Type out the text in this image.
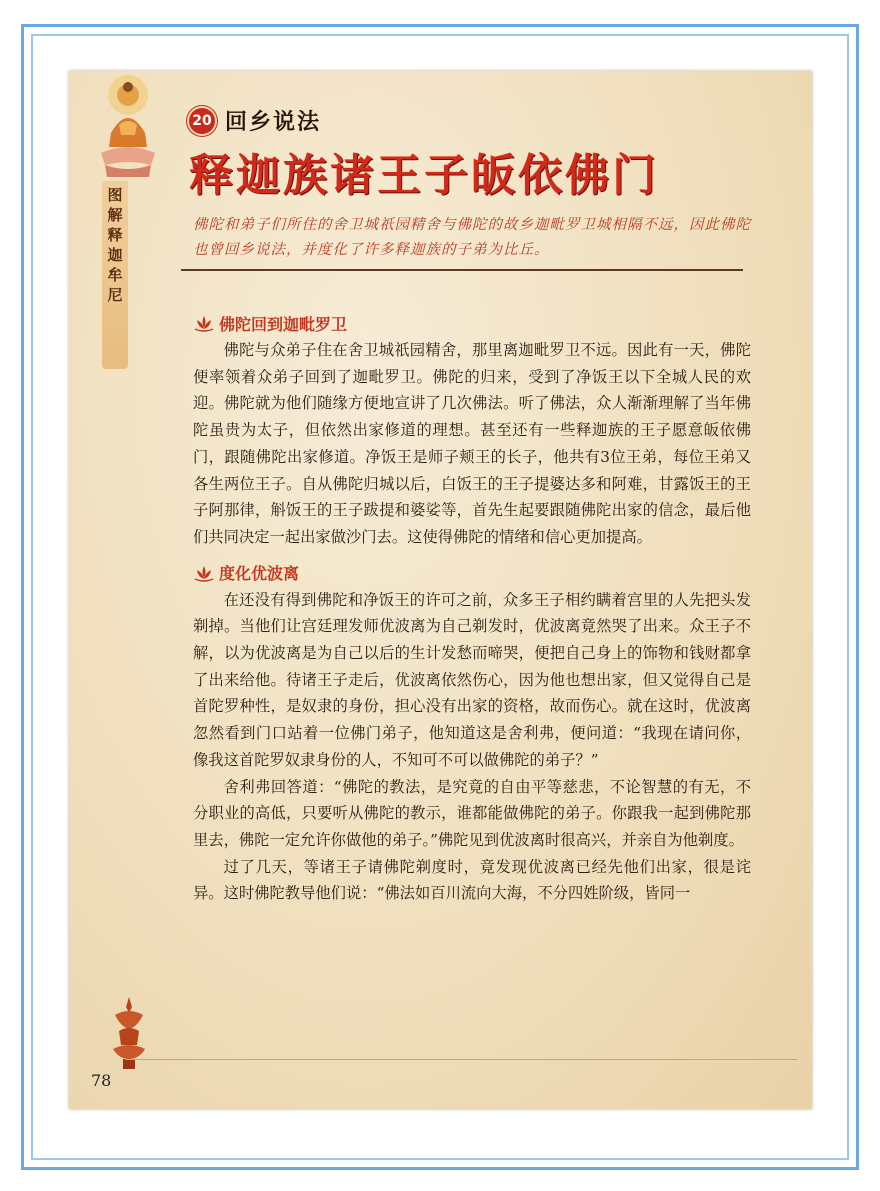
图
解
释
迦
牟
尼
20 回乡说法
释迦族诸王子皈依佛门
佛陀和弟子们所住的舍卫城祇园精舍与佛陀的故乡迦毗罗卫城相隔不远，因此佛陀也曾回乡说法，并度化了许多释迦族的子弟为比丘。
佛陀回到迦毗罗卫

佛陀与众弟子住在舍卫城祇园精舍，那里离迦毗罗卫不远。因此有一天，佛陀便率领着众弟子回到了迦毗罗卫。佛陀的归来，受到了净饭王以下全城人民的欢迎。佛陀就为他们随缘方便地宣讲了几次佛法。听了佛法，众人渐渐理解了当年佛陀虽贵为太子，但依然出家修道的理想。甚至还有一些释迦族的王子愿意皈依佛门，跟随佛陀出家修道。净饭王是师子颊王的长子，他共有3位王弟，每位王弟又各生两位王子。自从佛陀归城以后，白饭王的王子提婆达多和阿难，甘露饭王的王子阿那律，斛饭王的王子跋提和婆娑等，首先生起要跟随佛陀出家的信念，最后他们共同决定一起出家做沙门去。这使得佛陀的情绪和信心更加提高。

度化优波离

在还没有得到佛陀和净饭王的许可之前，众多王子相约瞒着宫里的人先把头发剃掉。当他们让宫廷理发师优波离为自己剃发时，优波离竟然哭了出来。众王子不解，以为优波离是为自己以后的生计发愁而啼哭，便把自己身上的饰物和钱财都拿了出来给他。待诸王子走后，优波离依然伤心，因为他也想出家，但又觉得自己是首陀罗种性，是奴隶的身份，担心没有出家的资格，故而伤心。就在这时，优波离忽然看到门口站着一位佛门弟子，他知道这是舍利弗，便问道：“我现在请问你，像我这首陀罗奴隶身份的人，不知可不可以做佛陀的弟子？”

舍利弗回答道：“佛陀的教法，是究竟的自由平等慈悲，不论智慧的有无，不分职业的高低，只要听从佛陀的教示，谁都能做佛陀的弟子。你跟我一起到佛陀那里去，佛陀一定允许你做他的弟子。”佛陀见到优波离时很高兴，并亲自为他剃度。

过了几天，等诸王子请佛陀剃度时，竟发现优波离已经先他们出家，很是诧异。这时佛陀教导他们说：“佛法如百川流向大海，不分四姓阶级，皆同一

78
